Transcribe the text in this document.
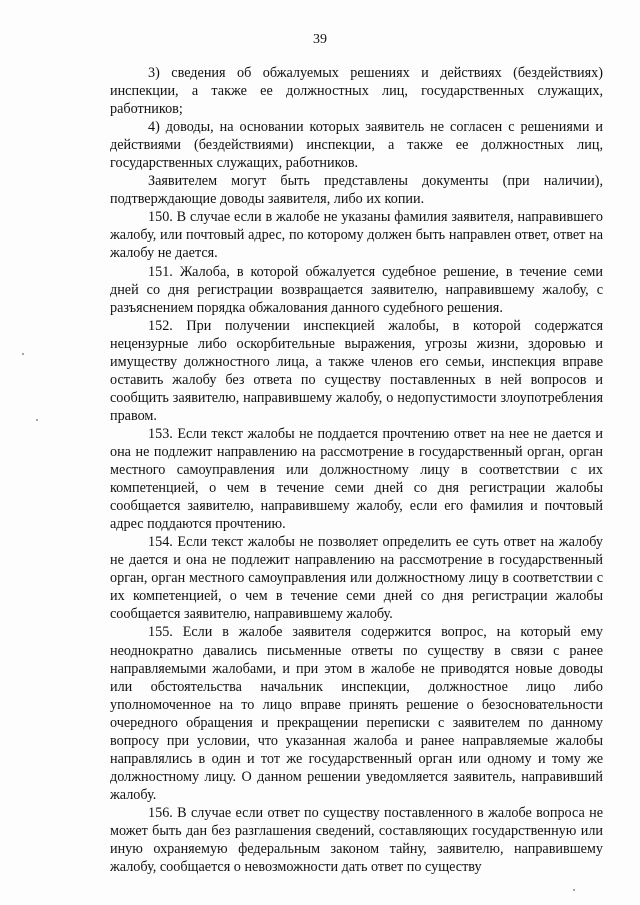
39

3) сведения об обжалуемых решениях и действиях (бездействиях) инспекции, а также ее должностных лиц, государственных служащих, работников;

4) доводы, на основании которых заявитель не согласен с решениями и действиями (бездействиями) инспекции, а также ее должностных лиц, государственных служащих, работников.

Заявителем могут быть представлены документы (при наличии), подтверждающие доводы заявителя, либо их копии.

150. В случае если в жалобе не указаны фамилия заявителя, направившего жалобу, или почтовый адрес, по которому должен быть направлен ответ, ответ на жалобу не дается.

151. Жалоба, в которой обжалуется судебное решение, в течение семи дней со дня регистрации возвращается заявителю, направившему жалобу, с разъяснением порядка обжалования данного судебного решения.

152. При получении инспекцией жалобы, в которой содержатся нецензурные либо оскорбительные выражения, угрозы жизни, здоровью и имуществу должностного лица, а также членов его семьи, инспекция вправе оставить жалобу без ответа по существу поставленных в ней вопросов и сообщить заявителю, направившему жалобу, о недопустимости злоупотребления правом.

153. Если текст жалобы не поддается прочтению ответ на нее не дается и она не подлежит направлению на рассмотрение в государственный орган, орган местного самоуправления или должностному лицу в соответствии с их компетенцией, о чем в течение семи дней со дня регистрации жалобы сообщается заявителю, направившему жалобу, если его фамилия и почтовый адрес поддаются прочтению.

154. Если текст жалобы не позволяет определить ее суть ответ на жалобу не дается и она не подлежит направлению на рассмотрение в государственный орган, орган местного самоуправления или должностному лицу в соответствии с их компетенцией, о чем в течение семи дней со дня регистрации жалобы сообщается заявителю, направившему жалобу.

155. Если в жалобе заявителя содержится вопрос, на который ему неоднократно давались письменные ответы по существу в связи с ранее направляемыми жалобами, и при этом в жалобе не приводятся новые доводы или обстоятельства начальник инспекции, должностное лицо либо уполномоченное на то лицо вправе принять решение о безосновательности очередного обращения и прекращении переписки с заявителем по данному вопросу при условии, что указанная жалоба и ранее направляемые жалобы направлялись в один и тот же государственный орган или одному и тому же должностному лицу. О данном решении уведомляется заявитель, направивший жалобу.

156. В случае если ответ по существу поставленного в жалобе вопроса не может быть дан без разглашения сведений, составляющих государственную или иную охраняемую федеральным законом тайну, заявителю, направившему жалобу, сообщается о невозможности дать ответ по существу
